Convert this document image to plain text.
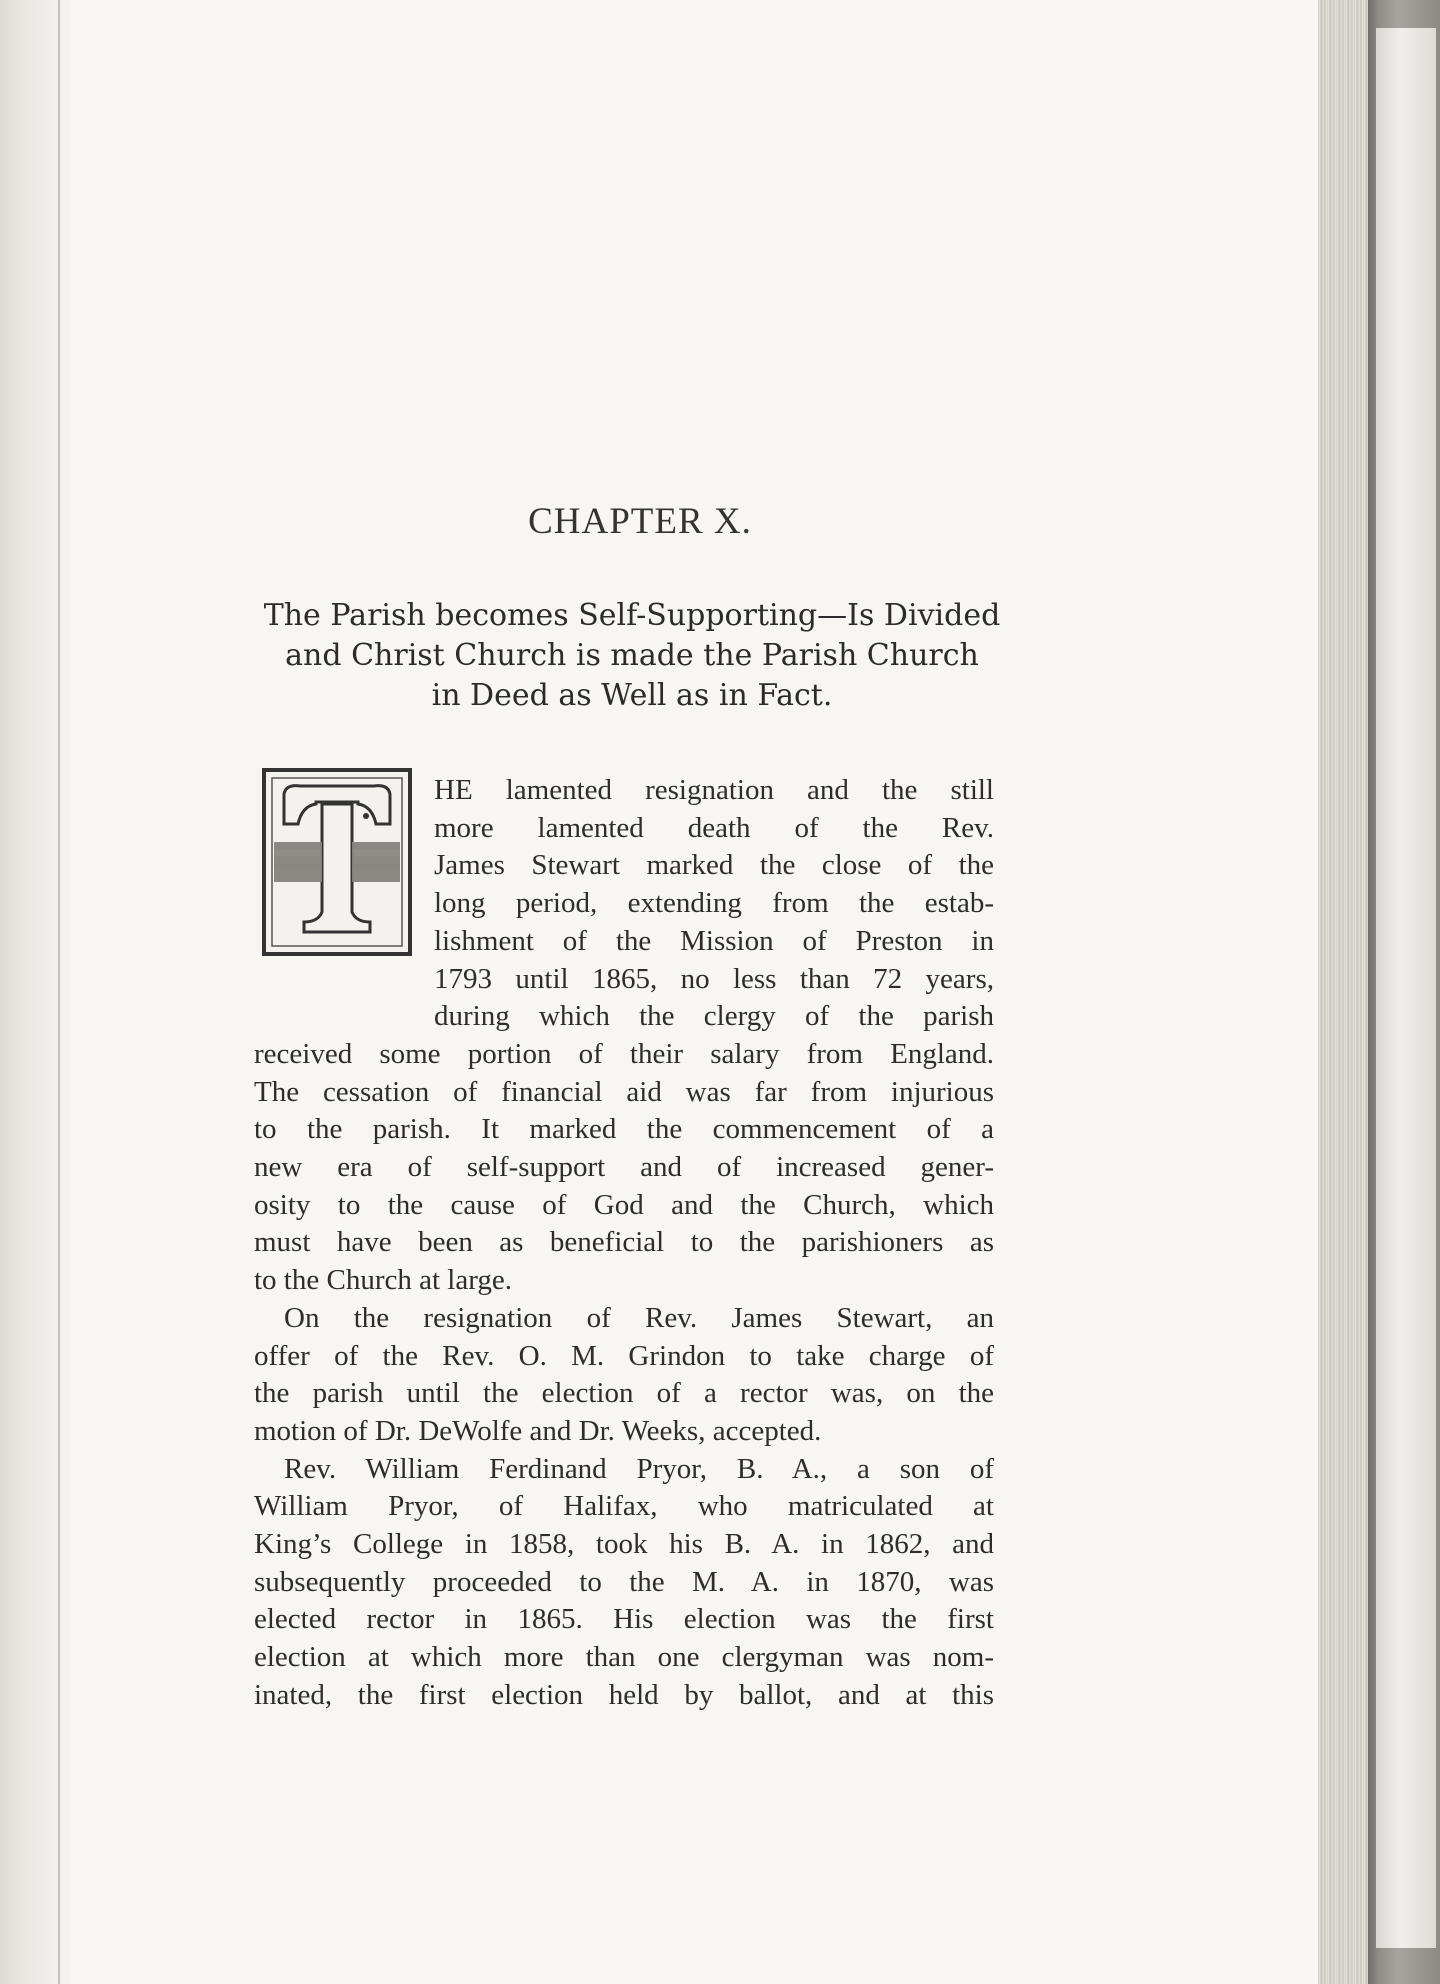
CHAPTER X.
The Parish becomes Self-Supporting—Is Divided
and Christ Church is made the Parish Church
in Deed as Well as in Fact.
HE lamented resignation and the still
more lamented death of the Rev.
James Stewart marked the close of the
long period, extending from the estab-
lishment of the Mission of Preston in
1793 until 1865, no less than 72 years,
during which the clergy of the parish
received some portion of their salary from England.
The cessation of financial aid was far from injurious
to the parish. It marked the commencement of a
new era of self-support and of increased gener-
osity to the cause of God and the Church, which
must have been as beneficial to the parishioners as
to the Church at large.
On the resignation of Rev. James Stewart, an
offer of the Rev. O. M. Grindon to take charge of
the parish until the election of a rector was, on the
motion of Dr. DeWolfe and Dr. Weeks, accepted.
Rev. William Ferdinand Pryor, B. A., a son of
William Pryor, of Halifax, who matriculated at
King’s College in 1858, took his B. A. in 1862, and
subsequently proceeded to the M. A. in 1870, was
elected rector in 1865. His election was the first
election at which more than one clergyman was nom-
inated, the first election held by ballot, and at this
